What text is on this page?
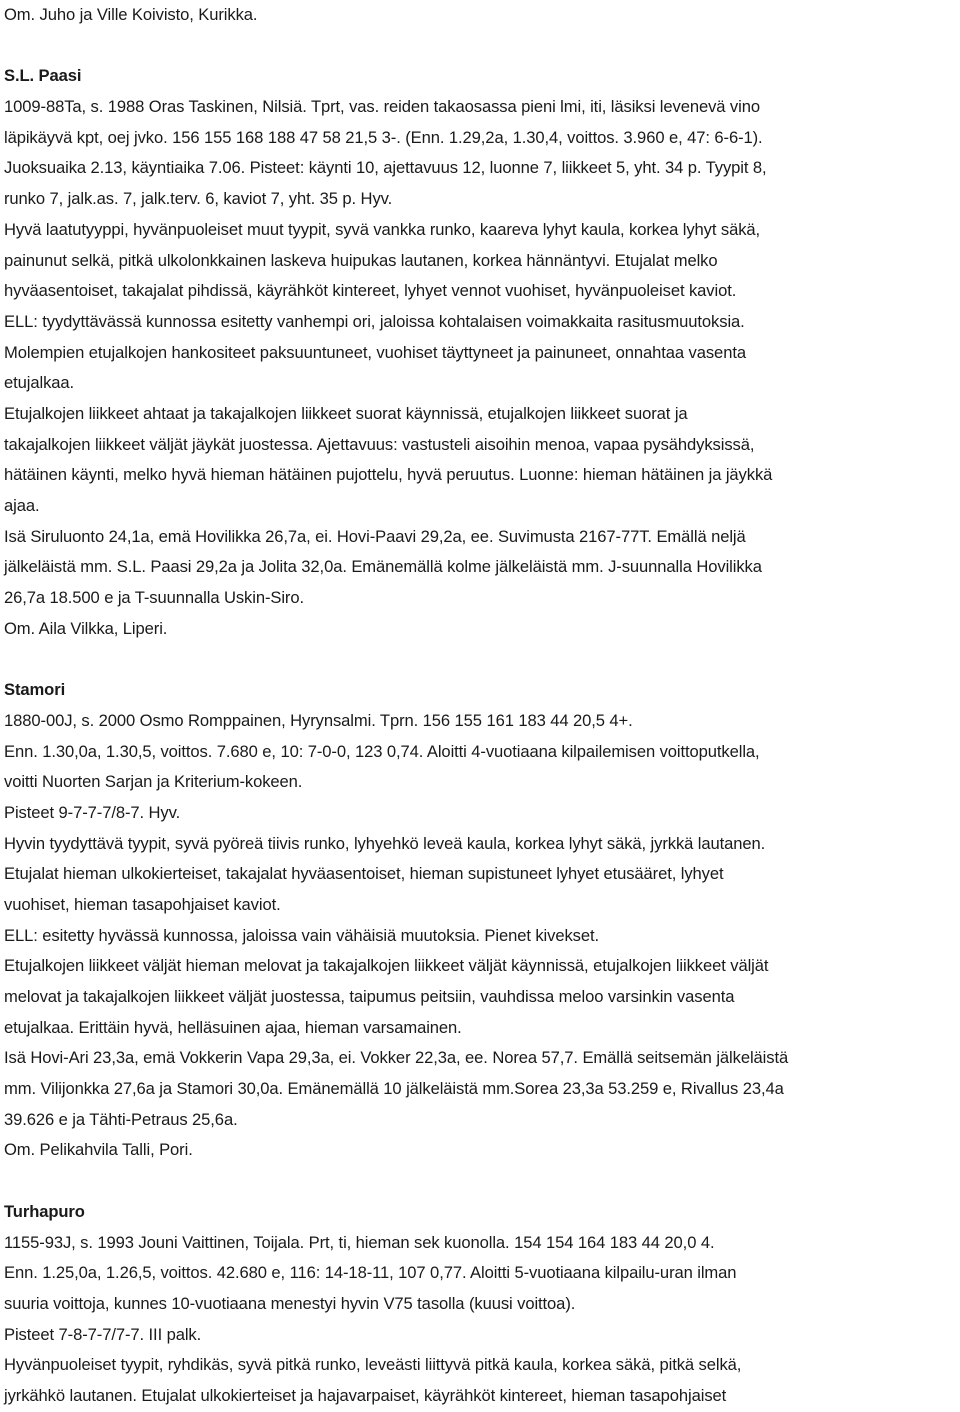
Om. Juho ja Ville Koivisto, Kurikka.
S.L. Paasi
1009-88Ta, s. 1988 Oras Taskinen, Nilsiä. Tprt, vas. reiden takaosassa pieni lmi, iti, läsiksi levenevä vino
läpikäyvä kpt, oej jvko. 156 155 168 188 47 58 21,5 3-. (Enn. 1.29,2a, 1.30,4, voittos. 3.960 e, 47: 6-6-1).
Juoksuaika 2.13, käyntiaika 7.06. Pisteet: käynti 10, ajettavuus 12, luonne 7, liikkeet 5, yht. 34 p. Tyypit 8,
runko 7, jalk.as. 7, jalk.terv. 6, kaviot 7, yht. 35 p. Hyv.
Hyvä laatutyyppi, hyvänpuoleiset muut tyypit, syvä vankka runko, kaareva lyhyt kaula, korkea lyhyt säkä,
painunut selkä, pitkä ulkolonkkainen laskeva huipukas lautanen, korkea hännäntyvi. Etujalat melko
hyväasentoiset, takajalat pihdissä, käyrähköt kintereet, lyhyet vennot vuohiset, hyvänpuoleiset kaviot.
ELL: tyydyttävässä kunnossa esitetty vanhempi ori, jaloissa kohtalaisen voimakkaita rasitusmuutoksia.
Molempien etujalkojen hankositeet paksuuntuneet, vuohiset täyttyneet ja painuneet, onnahtaa vasenta
etujalkaa.
Etujalkojen liikkeet ahtaat ja takajalkojen liikkeet suorat käynnissä, etujalkojen liikkeet suorat ja
takajalkojen liikkeet väljät jäykät juostessa. Ajettavuus: vastusteli aisoihin menoa, vapaa pysähdyksissä,
hätäinen käynti, melko hyvä hieman hätäinen pujottelu, hyvä peruutus. Luonne: hieman hätäinen ja jäykkä
ajaa.
Isä Siruluonto 24,1a, emä Hovilikka 26,7a, ei. Hovi-Paavi 29,2a, ee. Suvimusta 2167-77T. Emällä neljä
jälkeläistä mm. S.L. Paasi 29,2a ja Jolita 32,0a. Emänemällä kolme jälkeläistä mm. J-suunnalla Hovilikka
26,7a 18.500 e ja T-suunnalla Uskin-Siro.
Om. Aila Vilkka, Liperi.
Stamori
1880-00J, s. 2000 Osmo Romppainen, Hyrynsalmi. Tprn. 156 155 161 183 44 20,5 4+.
Enn. 1.30,0a, 1.30,5, voittos. 7.680 e, 10: 7-0-0, 123 0,74. Aloitti 4-vuotiaana kilpailemisen voittoputkella,
voitti Nuorten Sarjan ja Kriterium-kokeen.
Pisteet 9-7-7-7/8-7. Hyv.
Hyvin tyydyttävä tyypit, syvä pyöreä tiivis runko, lyhyehkö leveä kaula, korkea lyhyt säkä, jyrkkä lautanen.
Etujalat hieman ulkokierteiset, takajalat hyväasentoiset, hieman supistuneet lyhyet etusääret, lyhyet
vuohiset, hieman tasapohjaiset kaviot.
ELL: esitetty hyvässä kunnossa, jaloissa vain vähäisiä muutoksia. Pienet kivekset.
Etujalkojen liikkeet väljät hieman melovat ja takajalkojen liikkeet väljät käynnissä, etujalkojen liikkeet väljät
melovat ja takajalkojen liikkeet väljät juostessa, taipumus peitsiin, vauhdissa meloo varsinkin vasenta
etujalkaa. Erittäin hyvä, helläsuinen ajaa, hieman varsamainen.
Isä Hovi-Ari 23,3a, emä Vokkerin Vapa 29,3a, ei. Vokker 22,3a, ee. Norea 57,7. Emällä seitsemän jälkeläistä
mm. Vilijonkka 27,6a ja Stamori 30,0a. Emänemällä 10 jälkeläistä mm.Sorea 23,3a 53.259 e, Rivallus 23,4a
39.626 e ja Tähti-Petraus 25,6a.
Om. Pelikahvila Talli, Pori.
Turhapuro
1155-93J, s. 1993 Jouni Vaittinen, Toijala. Prt, ti, hieman sek kuonolla. 154 154 164 183 44 20,0 4.
Enn. 1.25,0a, 1.26,5, voittos. 42.680 e, 116: 14-18-11, 107 0,77. Aloitti 5-vuotiaana kilpailu-uran ilman
suuria voittoja, kunnes 10-vuotiaana menestyi hyvin V75 tasolla (kuusi voittoa).
Pisteet 7-8-7-7/7-7. III palk.
Hyvänpuoleiset tyypit, ryhdikäs, syvä pitkä runko, leveästi liittyvä pitkä kaula, korkea säkä, pitkä selkä,
jyrkähkö lautanen. Etujalat ulkokierteiset ja hajavarpaiset, käyrähköt kintereet, hieman tasapohjaiset
